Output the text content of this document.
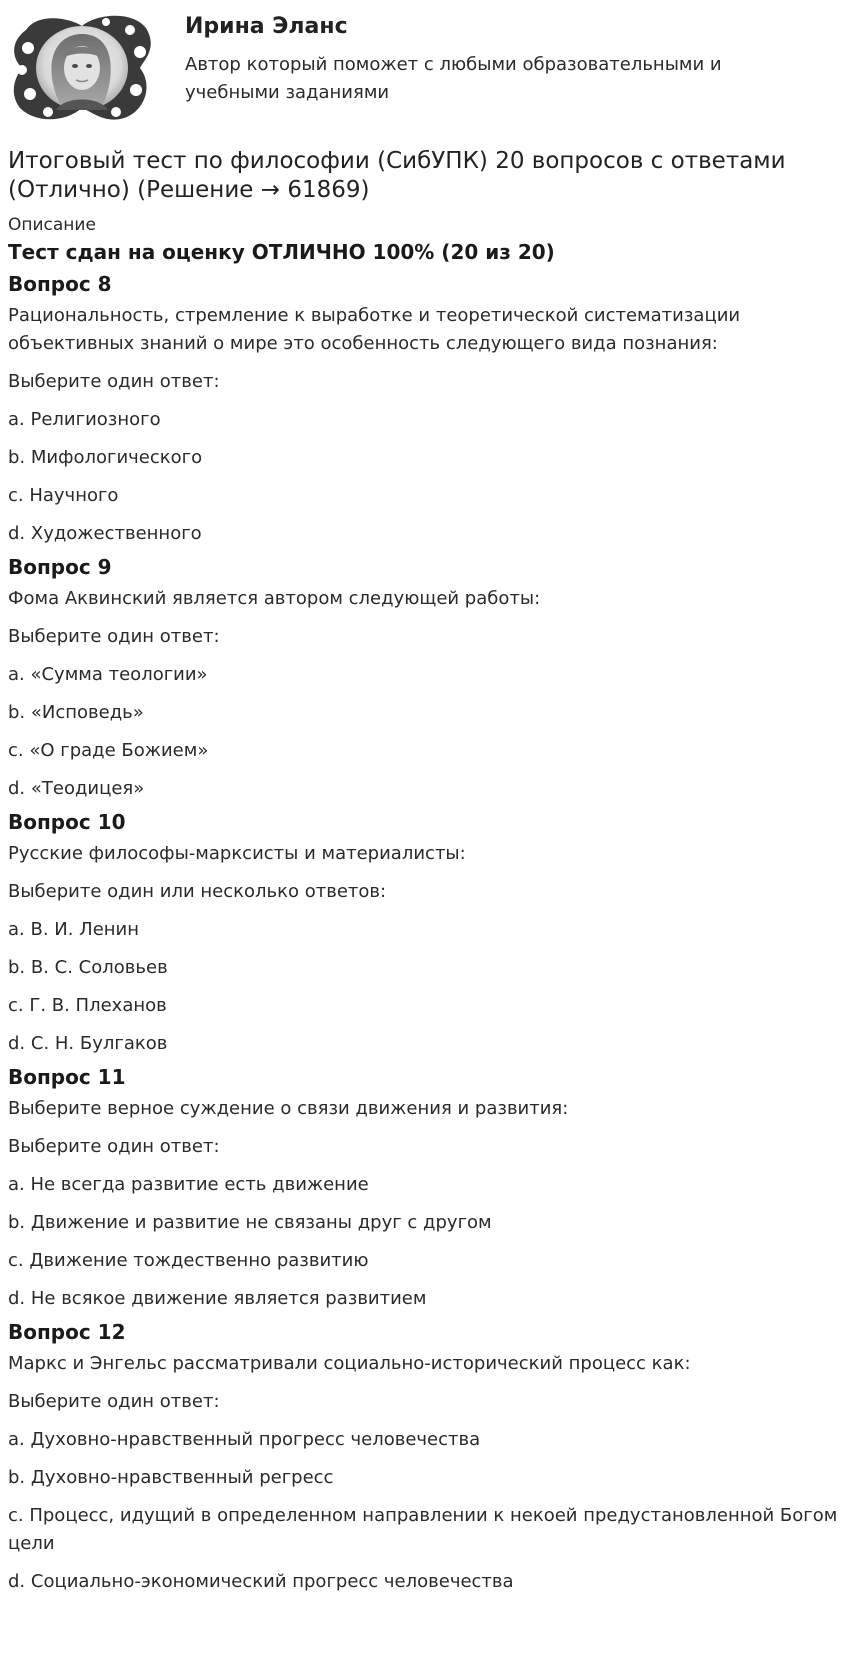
Ирина Эланс
Автор который поможет с любыми образовательными и учебными заданиями
Итоговый тест по философии (СибУПК) 20 вопросов с ответами (Отлично) (Решение → 61869)
Описание
Тест сдан на оценку ОТЛИЧНО 100% (20 из 20)
Вопрос 8
Рациональность, стремление к выработке и теоретической систематизации объективных знаний о мире это особенность следующего вида познания:
Выберите один ответ:
a. Религиозного
b. Мифологического
c. Научного
d. Художественного
Вопрос 9
Фома Аквинский является автором следующей работы:
Выберите один ответ:
a. «Сумма теологии»
b. «Исповедь»
c. «О граде Божием»
d. «Теодицея»
Вопрос 10
Русские философы-марксисты и материалисты:
Выберите один или несколько ответов:
a. В. И. Ленин
b. В. С. Соловьев
c. Г. В. Плеханов
d. С. Н. Булгаков
Вопрос 11
Выберите верное суждение о связи движения и развития:
Выберите один ответ:
a. Не всегда развитие есть движение
b. Движение и развитие не связаны друг с другом
c. Движение тождественно развитию
d. Не всякое движение является развитием
Вопрос 12
Маркс и Энгельс рассматривали социально-исторический процесс как:
Выберите один ответ:
a. Духовно-нравственный прогресс человечества
b. Духовно-нравственный регресс
c. Процесс, идущий в определенном направлении к некоей предустановленной Богом цели
d. Социально-экономический прогресс человечества
